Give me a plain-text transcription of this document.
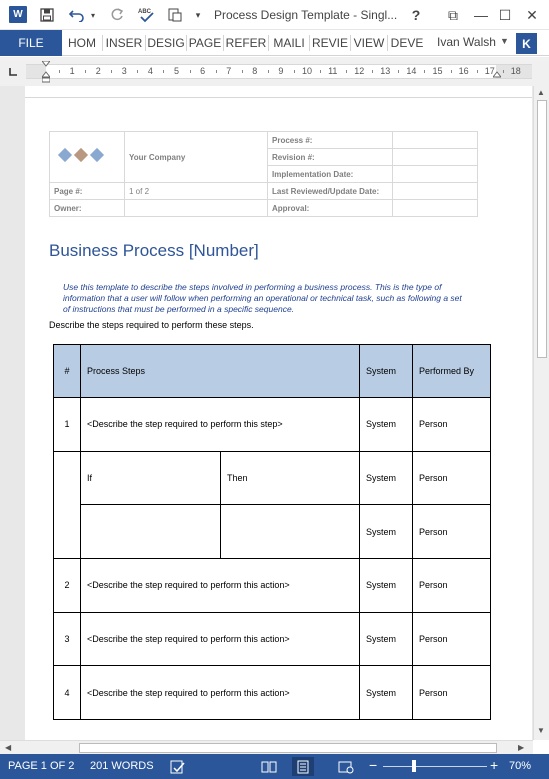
W	▾	ABC	▾	Process Design Template - Singl...	?	⧉	— ☐	✕
FILE	HOM INSER DESIG PAGE REFER MAILI REVIE VIEW DEVE Ivan Walsh ▼	K
1 2 3 4 5 6 7 8 9 10 11 12 13 14 15 16 17 18
	Your Company	Process #:	
		Revision #:	
		Implementation Date:	
Page #:	1 of 2	Last Reviewed/Update Date:	
Owner:		Approval:	
Business Process [Number]
Use this template to describe the steps involved in performing a business process. This is the type of information that a user will follow when performing an operational or technical task, such as following a set of instructions that must be performed in a specific sequence.
Describe the steps required to perform these steps.
#	Process Steps		System	Performed By
1	<Describe the step required to perform this step>		System	Person
	If	Then	System	Person
			System	Person
2	<Describe the step required to perform this action>		System	Person
3	<Describe the step required to perform this action>		System	Person
4	<Describe the step required to perform this action>		System	Person
▲
▼
◀	▶
PAGE 1 OF 2 201 WORDS	−	+ 70%
